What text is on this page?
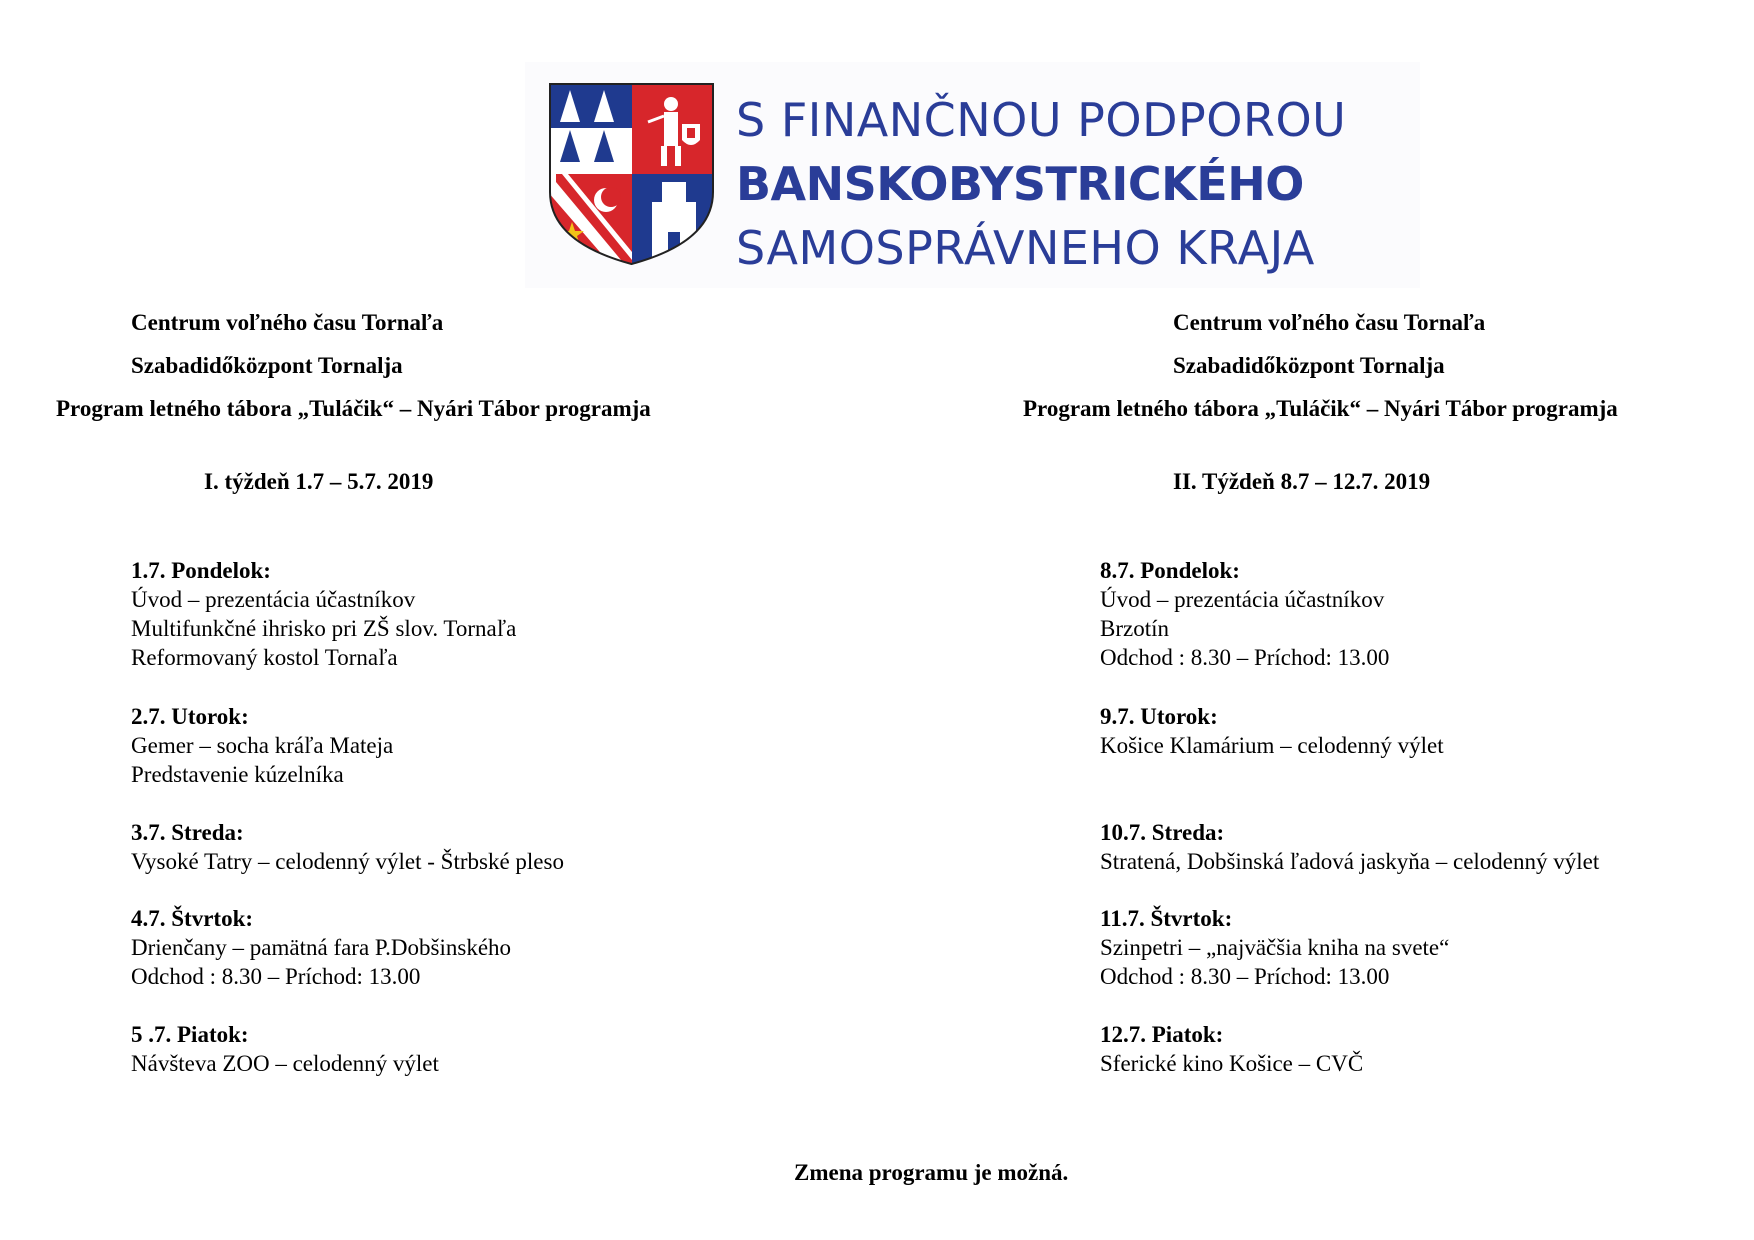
S FINANČNOU PODPOROU
BANSKOBYSTRICKÉHO
SAMOSPRÁVNEHO KRAJA
Centrum voľného času Tornaľa
Szabadidőközpont Tornalja
Program letného tábora „Tuláčik“ – Nyári Tábor programja
I. týždeň 1.7 – 5.7. 2019
Centrum voľného času Tornaľa
Szabadidőközpont Tornalja
Program letného tábora „Tuláčik“ – Nyári Tábor programja
II. Týždeň 8.7 – 12.7. 2019
1.7. Pondelok:
Úvod – prezentácia účastníkov
Multifunkčné ihrisko pri ZŠ slov. Tornaľa
Reformovaný kostol Tornaľa
2.7. Utorok:
Gemer – socha kráľa Mateja
Predstavenie kúzelníka
3.7. Streda:
Vysoké Tatry – celodenný výlet - Štrbské pleso
4.7. Štvrtok:
Drienčany – pamätná fara P.Dobšinského
Odchod : 8.30 – Príchod: 13.00
5 .7. Piatok:
Návšteva ZOO – celodenný výlet
8.7. Pondelok:
Úvod – prezentácia účastníkov
Brzotín
Odchod : 8.30 – Príchod: 13.00
9.7. Utorok:
Košice Klamárium – celodenný výlet
10.7. Streda:
Stratená, Dobšinská ľadová jaskyňa – celodenný výlet
11.7. Štvrtok:
Szinpetri – „najväčšia kniha na svete“
Odchod : 8.30 – Príchod: 13.00
12.7. Piatok:
Sferické kino Košice – CVČ
Zmena programu je možná.
